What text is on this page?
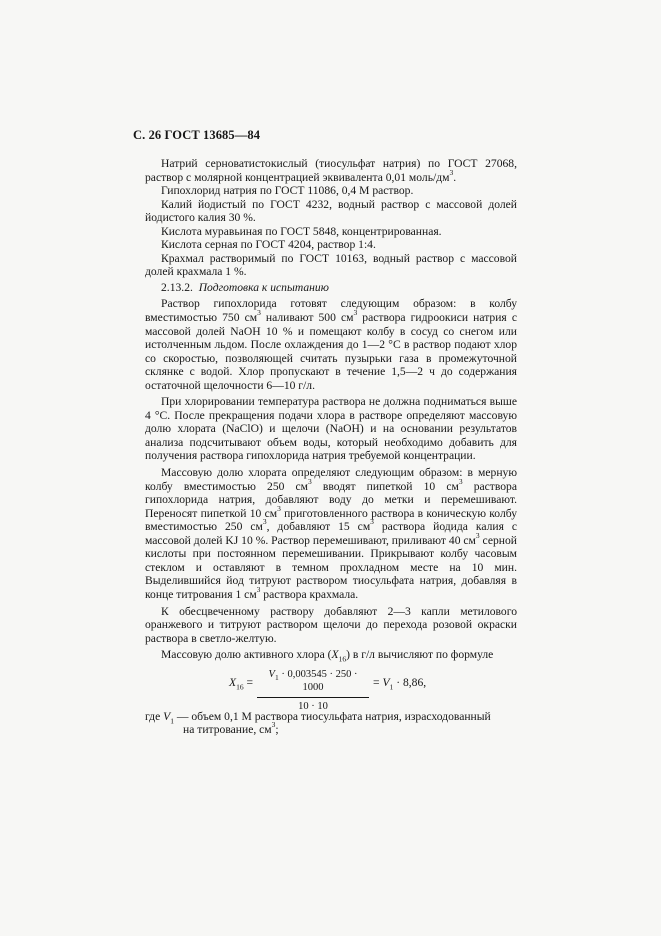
С. 26 ГОСТ 13685—84

Натрий серноватистокислый (тиосульфат натрия) по ГОСТ 27068, раствор с молярной концентрацией эквивалента 0,01 моль/$дм^3$.

Гипохлорид натрия по ГОСТ 11086, 0,4 М раствор.

Калий йодистый по ГОСТ 4232, водный раствор с массовой долей йодистого калия 30 %.

Кислота муравьиная по ГОСТ 5848, концентрированная.

Кислота серная по ГОСТ 4204, раствор 1:4.

Крахмал растворимый по ГОСТ 10163, водный раствор с массовой долей крахмала 1 %.

2.13.2. Подготовка к испытанию

Раствор гипохлорида готовят следующим образом: в колбу вместимостью 750 $см^3$ наливают 500 $см^3$ раствора гидроокиси натрия с массовой долей NaOH 10 % и помещают колбу в сосуд со снегом или истолченным льдом. После охлаждения до 1—2 °С в раствор подают хлор со скоростью, позволяющей считать пузырьки газа в промежуточной склянке с водой. Хлор пропускают в течение 1,5—2 ч до содержания остаточной щелочности 6—10 г/л.

При хлорировании температура раствора не должна подниматься выше 4 °С. После прекращения подачи хлора в растворе определяют массовую долю хлората (NaClO) и щелочи (NaOH) и на основании результатов анализа подсчитывают объем воды, который необходимо добавить для получения раствора гипохлорида натрия требуемой концентрации.

Массовую долю хлората определяют следующим образом: в мерную колбу вместимостью 250 $см^3$ вводят пипеткой 10 $см^3$ раствора гипохлорида натрия, добавляют воду до метки и перемешивают. Переносят пипеткой 10 $см^3$ приготовленного раствора в коническую колбу вместимостью 250 $см^3$, добавляют 15 $см^3$ раствора йодида калия с массовой долей KJ 10 %. Раствор перемешивают, приливают 40 $см^3$ серной кислоты при постоянном перемешивании. Прикрывают колбу часовым стеклом и оставляют в темном прохладном месте на 10 мин. Выделившийся йод титруют раствором тиосульфата натрия, добавляя в конце титрования 1 $см^3$ раствора крахмала.

К обесцвеченному раствору добавляют 2—3 капли метилового оранжевого и титруют раствором щелочи до перехода розовой окраски раствора в светло-желтую.

Массовую долю активного хлора $(X_{16})$ в г/л вычисляют по формуле

$X_{16}$ =
$V_1 \cdot 0,003545 \cdot 250 \cdot 1000$
10 · 10
= $V_1 \cdot 8,86$,
где $V_1$ — объем 0,1 М раствора тиосульфата натрия, израсходованный
на титрование, $см^3$;
